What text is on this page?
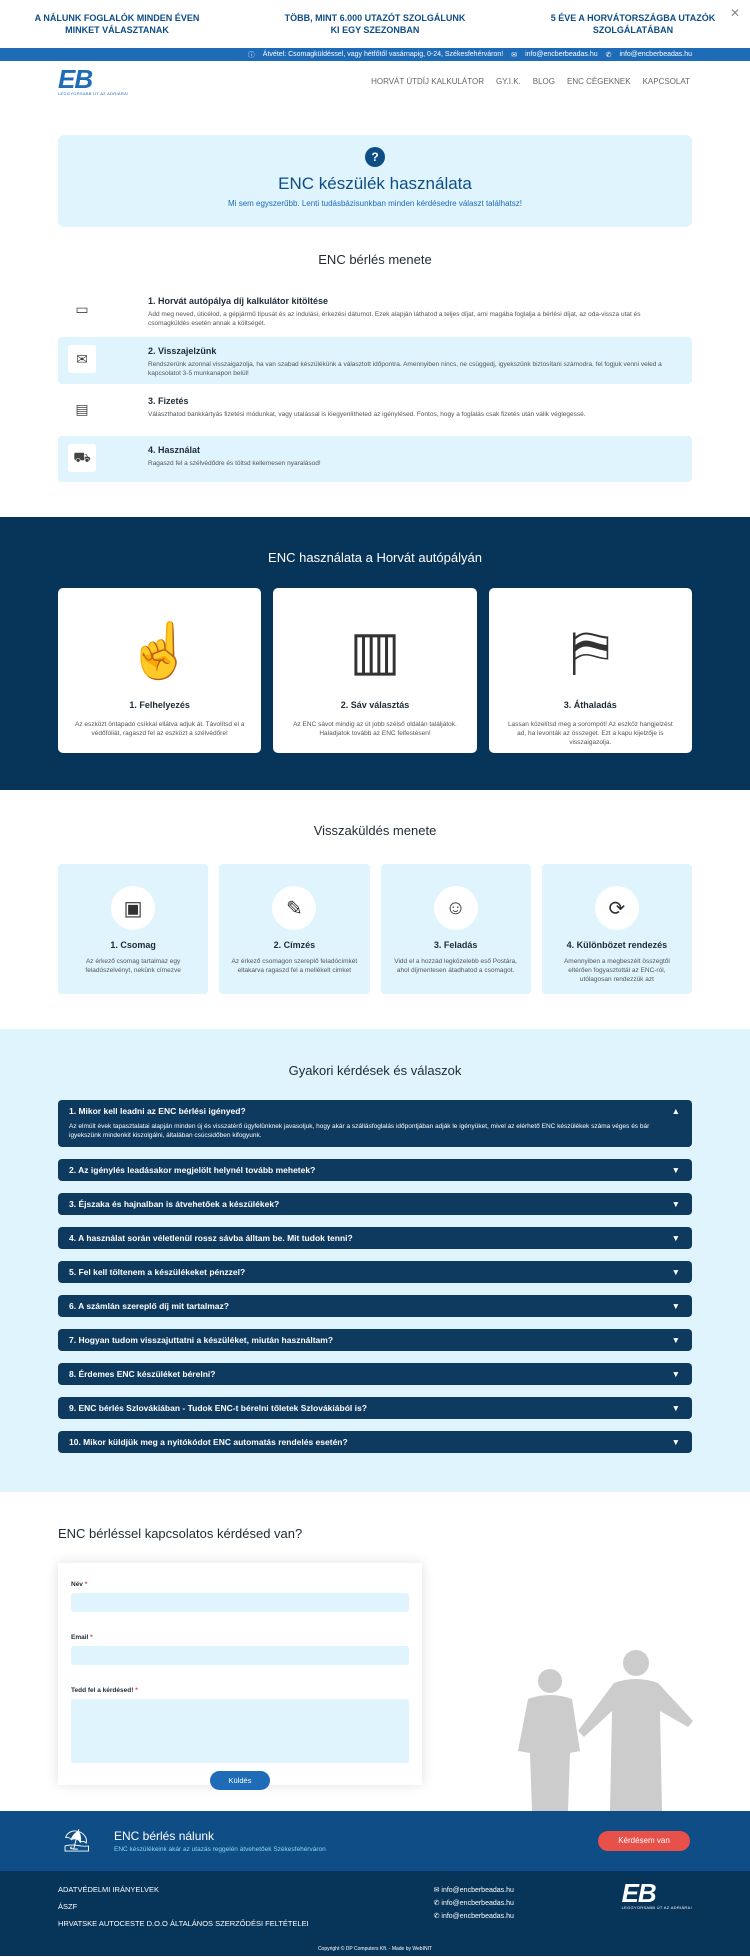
A NÁLUNK FOGLALÓK MINDEN ÉVEN MINKET VÁLASZTANAK
TÖBB, MINT 6.000 UTAZÓT SZOLGÁLUNK KI EGY SZEZONBAN
5 ÉVE A HORVÁTORSZÁGBA UTAZÓK SZOLGÁLATÁBAN
✕
ⓘ Átvétel: Csomagküldéssel, vagy hétfőtől vasárnapig, 0-24, Székesfehérváron! ✉ info@encberbeadas.hu ✆ info@encberbeadas.hu
EB
LEGGYORSABB ÚT AZ ADRIÁRA!
HORVÁT ÚTDÍJ KALKULÁTOR GY.I.K. BLOG ENC CÉGEKNEK KAPCSOLAT
?
ENC készülék használata

Mi sem egyszerűbb. Lenti tudásbázisunkban minden kérdésedre választ találhatsz!

ENC bérlés menete
▭	1. Horvát autópálya díj kalkulátor kitöltése

Add meg neved, úticélod, a gépjármű típusát és az indulási, érkezési dátumot. Ezek alapján láthatod a teljes díjat, ami magába foglalja a bérlési díjat, az oda-vissza utat és csomagküldés esetén annak a költségét.

✉	2. Visszajelzünk

Rendszerünk azonnal visszaigazolja, ha van szabad készülékünk a választott időpontra. Amennyiben nincs, ne csüggedj, igyekszünk biztosítani számodra, fel fogjuk venni veled a kapcsolatot 3-5 munkanapon belül!

▤	3. Fizetés

Választhatod bankkártyás fizetési módunkat, vagy utalással is kiegyenlítheted az igénylésed. Fontos, hogy a foglalás csak fizetés után válik véglegessé.

⛟	4. Használat

Ragaszd fel a szélvédődre és töltsd kellemesen nyaralásod!

ENC használata a Horvát autópályán
☝
1. Felhelyezés

Az eszközt öntapadó csíkkal ellátva adjuk át. Távolítsd el a védőfóliát, ragaszd fel az eszközt a szélvédőre!

▥
2. Sáv választás

Az ENC sávot mindig az út jobb szélső oldalán találjátok. Haladjatok tovább az ENC felfestésen!

⛿
3. Áthaladás

Lassan közelítsd meg a sorompót! Az eszköz hangjelzést ad, ha levonták az összeget. Ezt a kapu kijelzője is visszaigazolja.

Visszaküldés menete
▣
1. Csomag

Az érkező csomag tartalmaz egy feladószelvényt, nekünk címezve

✎
2. Címzés

Az érkező csomagon szereplő feladócímkét eltakarva ragaszd fel a mellékelt cimket

☺
3. Feladás

Vidd el a hozzád legközelebb eső Postára, ahol díjmentesen átadhatod a csomagot.

⟳
4. Különbözet rendezés

Amennyiben a megbeszélt összegtől eltérően fogyasztottál az ENC-ról, utólagosan rendezzük azt

Gyakori kérdések és válaszok
1. Mikor kell leadni az ENC bérlési igényed?	▲
Az elmúlt évek tapasztalatai alapján minden új és visszatérő ügyfelünknek javasoljuk, hogy akár a szállásfoglalás időpontjában adják le igényüket, mivel az elérhető ENC készülékek száma véges és bár igyekszünk mindenkit kiszolgálni, általában csúcsidőben kifogyunk.
2. Az igénylés leadásakor megjelölt helynél tovább mehetek?	▼
3. Éjszaka és hajnalban is átvehetőek a készülékek?	▼
4. A használat során véletlenül rossz sávba álltam be. Mit tudok tenni?	▼
5. Fel kell töltenem a készülékeket pénzzel?	▼
6. A számlán szereplő díj mit tartalmaz?	▼
7. Hogyan tudom visszajuttatni a készüléket, miután használtam?	▼
8. Érdemes ENC készüléket bérelni?	▼
9. ENC bérlés Szlovákiában - Tudok ENC-t bérelni tőletek Szlovákiából is?	▼
10. Mikor küldjük meg a nyitókódot ENC automatás rendelés esetén?	▼
ENC bérléssel kapcsolatos kérdésed van?
Név *
Email *
Tedd fel a kérdésed! *
Küldés
⛱	ENC bérlés nálunk

ENC készülékeink akár az utazás reggelén átvehetőek Székesfehérváron

Kérdésem van
ADATVÉDELMI IRÁNYELVEK
ÁSZF
HRVATSKE AUTOCESTE D.O.O ÁLTALÁNOS SZERZŐDÉSI FELTÉTELEI
✉ info@encberbeadas.hu
✆ info@encberbeadas.hu
✆ info@encberbeadas.hu
EB
LEGGYORSABB ÚT AZ ADRIÁRA!
Copyright © DP Computers Kft. - Made by WebINIT
